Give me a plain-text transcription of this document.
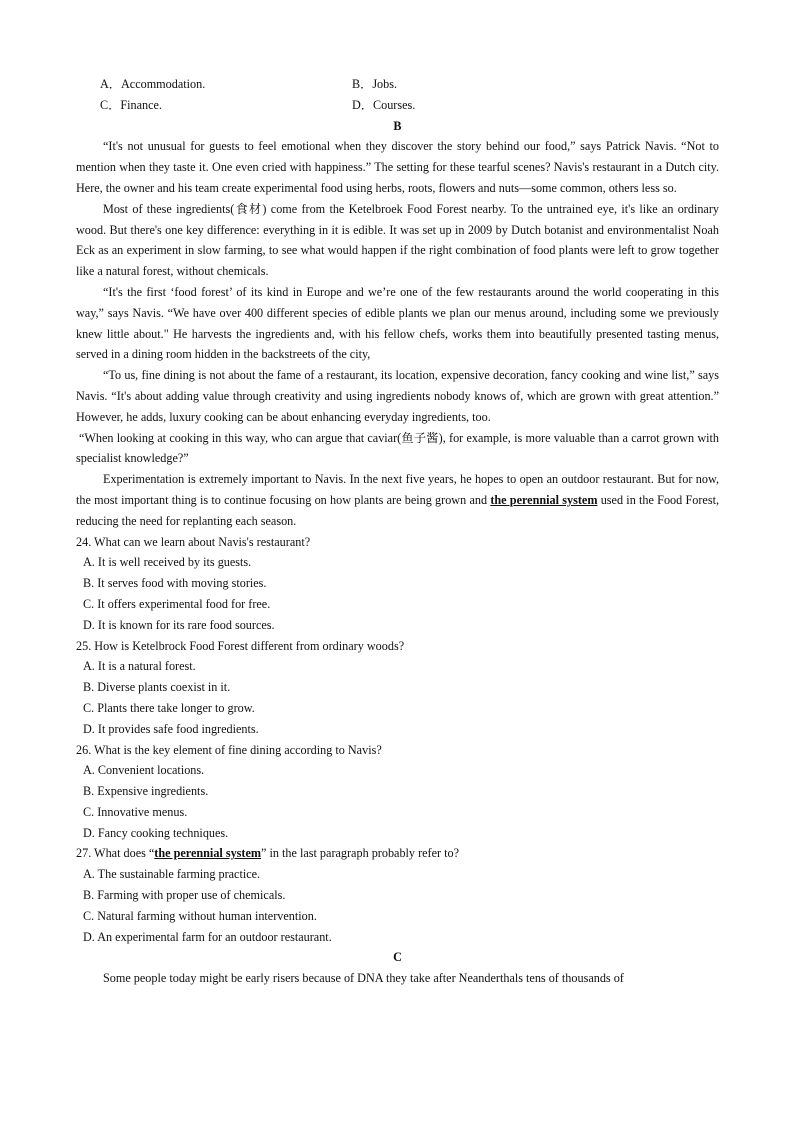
A．Accommodation.	B．Jobs.
C．Finance.	D．Courses.
B

“It's not unusual for guests to feel emotional when they discover the story behind our food,” says Patrick Navis. “Not to mention when they taste it. One even cried with happiness.” The setting for these tearful scenes? Navis's restaurant in a Dutch city. Here, the owner and his team create experimental food using herbs, roots, flowers and nuts—some common, others less so.

Most of these ingredients(食材) come from the Ketelbroek Food Forest nearby. To the untrained eye, it's like an ordinary wood. But there's one key difference: everything in it is edible. It was set up in 2009 by Dutch botanist and environmentalist Noah Eck as an experiment in slow farming, to see what would happen if the right combination of food plants were left to grow together like a natural forest, without chemicals.

“It's the first ‘food forest’ of its kind in Europe and we’re one of the few restaurants around the world cooperating in this way,” says Navis. “We have over 400 different species of edible plants we plan our menus around, including some we previously knew little about." He harvests the ingredients and, with his fellow chefs, works them into beautifully presented tasting menus, served in a dining room hidden in the backstreets of the city,

“To us, fine dining is not about the fame of a restaurant, its location, expensive decoration, fancy cooking and wine list,” says Navis. “It's about adding value through creativity and using ingredients nobody knows of, which are grown with great attention.” However, he adds, luxury cooking can be about enhancing everyday ingredients, too.

“When looking at cooking in this way, who can argue that caviar(鱼子酱), for example, is more valuable than a carrot grown with specialist knowledge?”

Experimentation is extremely important to Navis. In the next five years, he hopes to open an outdoor restaurant. But for now, the most important thing is to continue focusing on how plants are being grown and the perennial system used in the Food Forest, reducing the need for replanting each season.

24. What can we learn about Navis's restaurant?
A. It is well received by its guests.
B. It serves food with moving stories.
C. It offers experimental food for free.
D. It is known for its rare food sources.
25. How is Ketelbrock Food Forest different from ordinary woods?
A. It is a natural forest.
B. Diverse plants coexist in it.
C. Plants there take longer to grow.
D. It provides safe food ingredients.
26. What is the key element of fine dining according to Navis?
A. Convenient locations.
B. Expensive ingredients.
C. Innovative menus.
D. Fancy cooking techniques.
27. What does “the perennial system” in the last paragraph probably refer to?
A. The sustainable farming practice.
B. Farming with proper use of chemicals.
C. Natural farming without human intervention.
D. An experimental farm for an outdoor restaurant.
C

Some people today might be early risers because of DNA they take after Neanderthals tens of thousands of
